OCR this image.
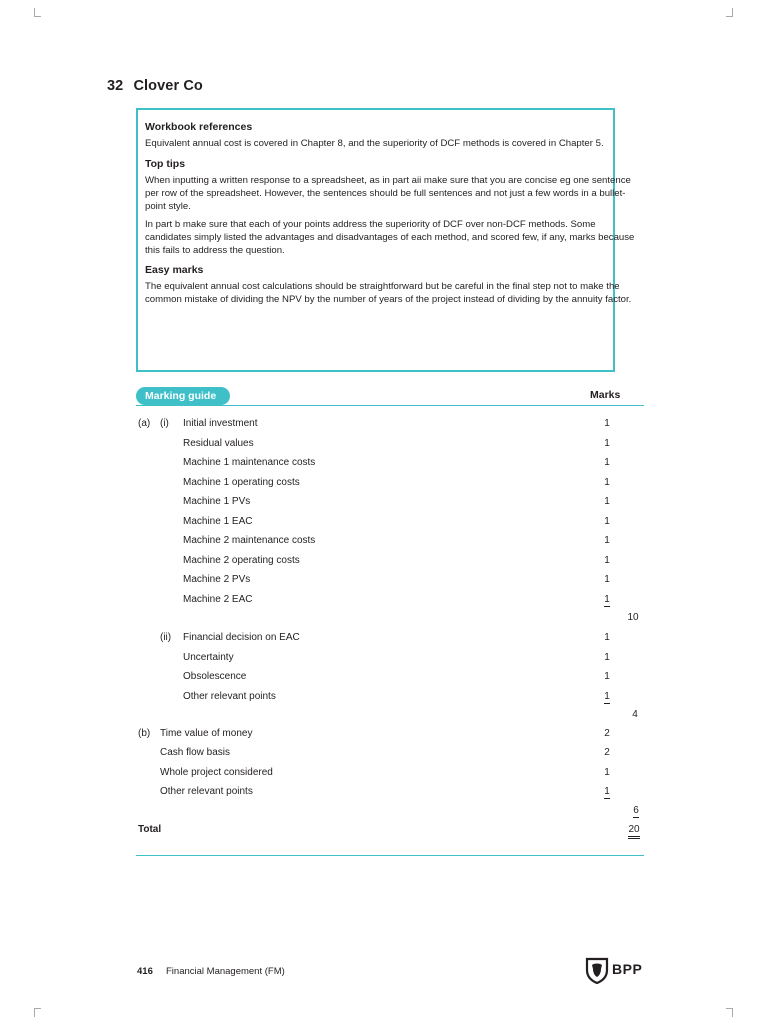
32 Clover Co

Workbook references

Equivalent annual cost is covered in Chapter 8, and the superiority of DCF methods is covered in Chapter 5.

Top tips

When inputting a written response to a spreadsheet, as in part aii make sure that you are concise eg one sentence per row of the spreadsheet. However, the sentences should be full sentences and not just a few words in a bullet-point style.

In part b make sure that each of your points address the superiority of DCF over non-DCF methods. Some candidates simply listed the advantages and disadvantages of each method, and scored few, if any, marks because this fails to address the question.

Easy marks

The equivalent annual cost calculations should be straightforward but be careful in the final step not to make the common mistake of dividing the NPV by the number of years of the project instead of dividing by the annuity factor.

Marking guide	Marks
(a) (i) Initial investment	1
Residual values	1
Machine 1 maintenance costs	1
Machine 1 operating costs	1
Machine 1 PVs	1
Machine 1 EAC	1
Machine 2 maintenance costs	1
Machine 2 operating costs	1
Machine 2 PVs	1
Machine 2 EAC	1
10
(ii) Financial decision on EAC	1
Uncertainty	1
Obsolescence	1
Other relevant points	1
4
(b) Time value of money	2
Cash flow basis	2
Whole project considered	1
Other relevant points	1
6
Total	20
416 Financial Management (FM)	BPP
